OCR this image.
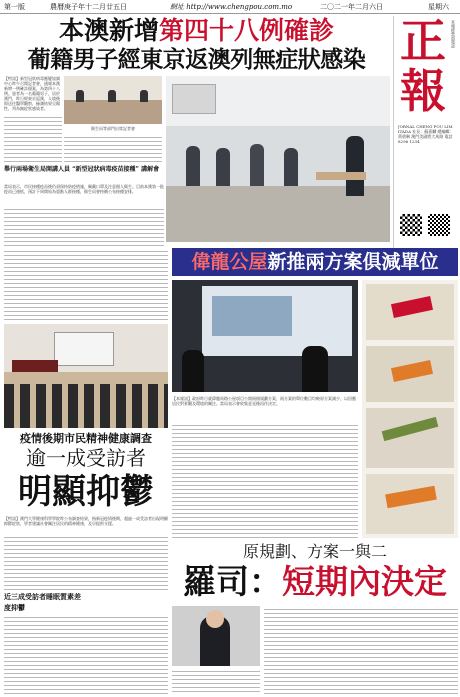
第一版	農曆庚子年十二月廿五日	網址 http://www.chengpou.com.mo	二〇二一年二月六日	星期六
本澳新增第四十八例確診
葡籍男子經東京返澳列無症狀感染 正
報
本報經營部電話
JORNAL CHENG POU LIMITADA 社長：蘇嘉麟 總編輯：黃碧琳 澳門美副將大馬路 電話 8296 1234
【特訊】新型冠狀病毒應變協調中心昨午召開記者會，通報本澳新增一例確診個案，為第四十八例。患者為一名葡籍男子，居於澳門，昨日經東京返澳，入境後即送往醫學觀察，檢測結果呈陽性，列為無症狀感染者。
衛生局等部門出席記者會
舉行兩場衛生局開講人員 “新型冠狀病毒疫苗接種” 講解會
當局表示，市民接種疫苗後仍須保持防疫措施，佩戴口罩及注意個人衛生。目前本澳第一批疫苗已運抵，預計下周開始為重點人群接種，衛生局會持續公布接種安排。
偉龍公屋新推兩方案俱減單位
【本報訊】政府昨日就偉龍馬路公屋項目公開兩個規劃方案，兩方案的單位數目均較原方案減少，以回應居民對景觀及環境的關注。當局表示會收集意見後再作決定。
疫情後期市民精神健康調查
逾一成受訪者
明顯抑鬱
【特訊】澳門大學健康科學學院昨公布調查結果，指新冠疫情後期，超過一成受訪者出現明顯抑鬱症狀，學者建議社會關注居民的精神健康，及早提供支援。
近三成受訪者睡眠質素差
度抑鬱
原規劃、方案一與二
羅司：短期內決定
